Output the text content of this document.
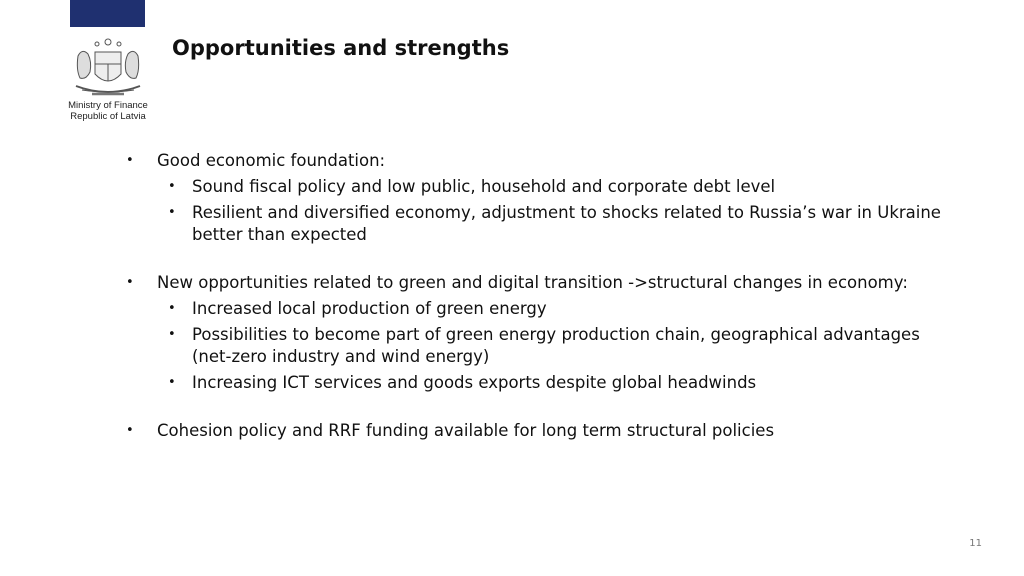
Ministry of Finance
Republic of Latvia
Opportunities and strengths
• Good economic foundation:
• Sound fiscal policy and low public, household and corporate debt level
• Resilient and diversified economy, adjustment to shocks related to Russia’s war in Ukraine better than expected
• New opportunities related to green and digital transition ->structural changes in economy:
• Increased local production of green energy
• Possibilities to become part of green energy production chain, geographical advantages (net-zero industry and wind energy)
• Increasing ICT services and goods exports despite global headwinds
• Cohesion policy and RRF funding available for long term structural policies
11
